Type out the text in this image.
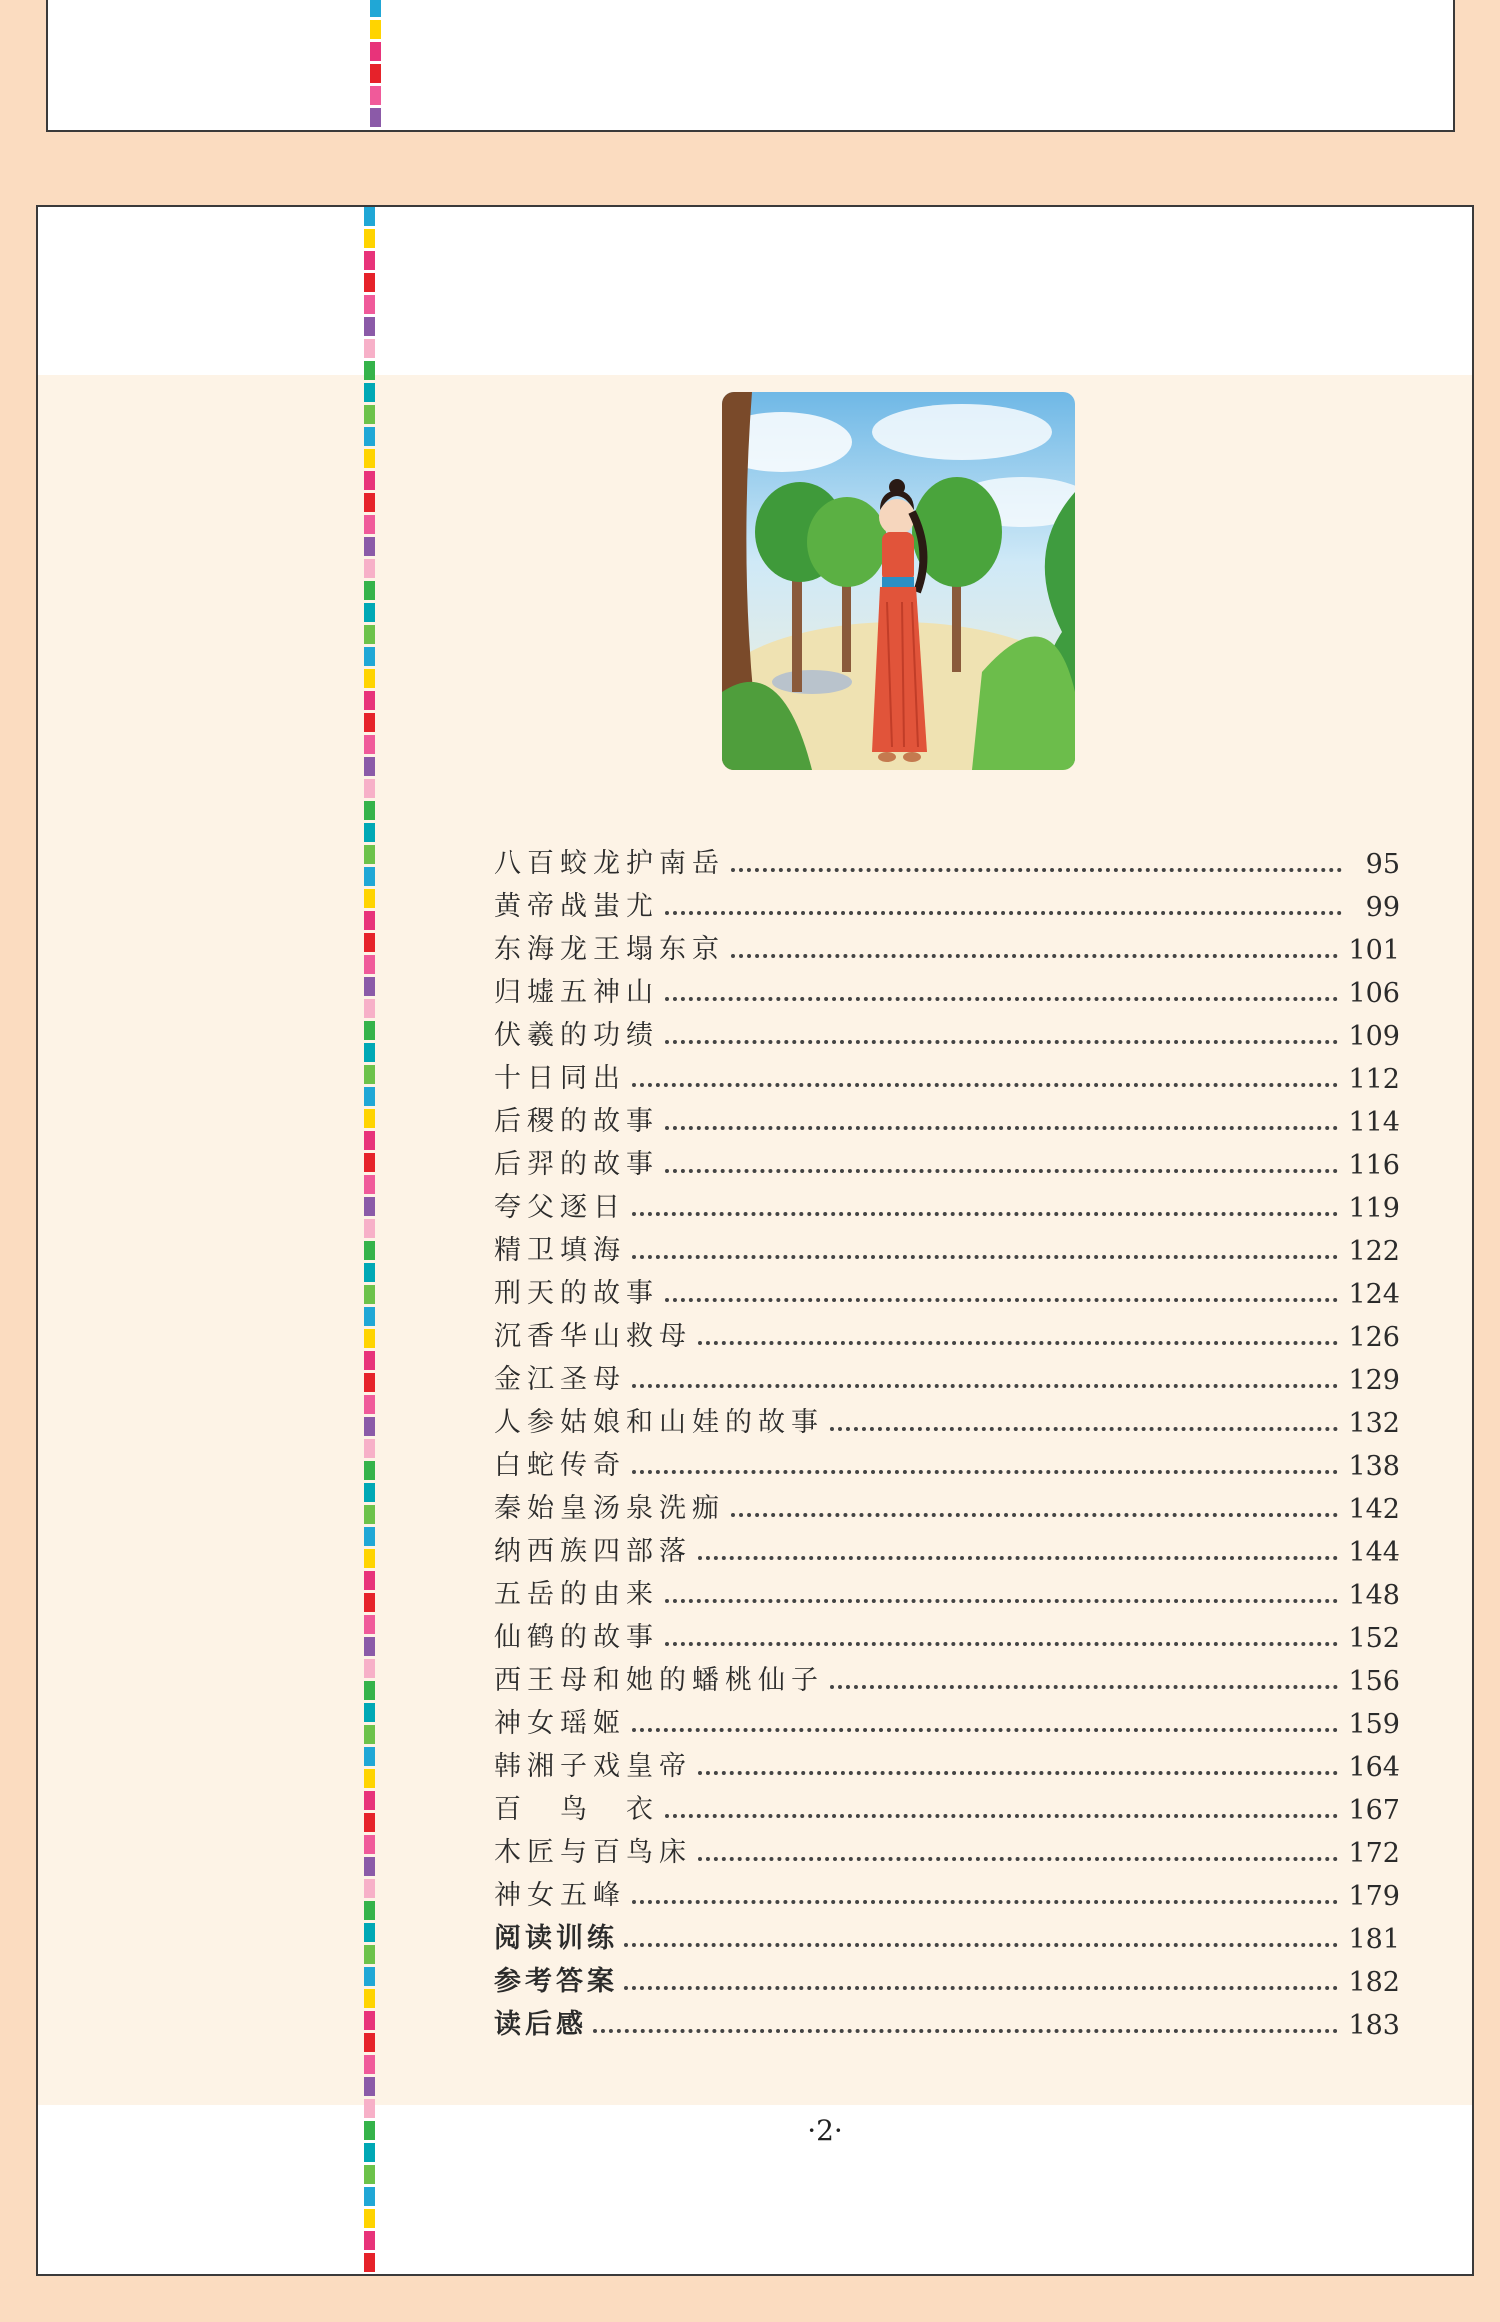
八百蛟龙护南岳	95
黄帝战蚩尤	99
东海龙王塌东京	101
归墟五神山	106
伏羲的功绩	109
十日同出	112
后稷的故事	114
后羿的故事	116
夸父逐日	119
精卫填海	122
刑天的故事	124
沉香华山救母	126
金江圣母	129
人参姑娘和山娃的故事	132
白蛇传奇	138
秦始皇汤泉洗痂	142
纳西族四部落	144
五岳的由来	148
仙鹤的故事	152
西王母和她的蟠桃仙子	156
神女瑶姬	159
韩湘子戏皇帝	164
百　鸟　衣	167
木匠与百鸟床	172
神女五峰	179
阅读训练	181
参考答案	182
读后感	183
·2·
